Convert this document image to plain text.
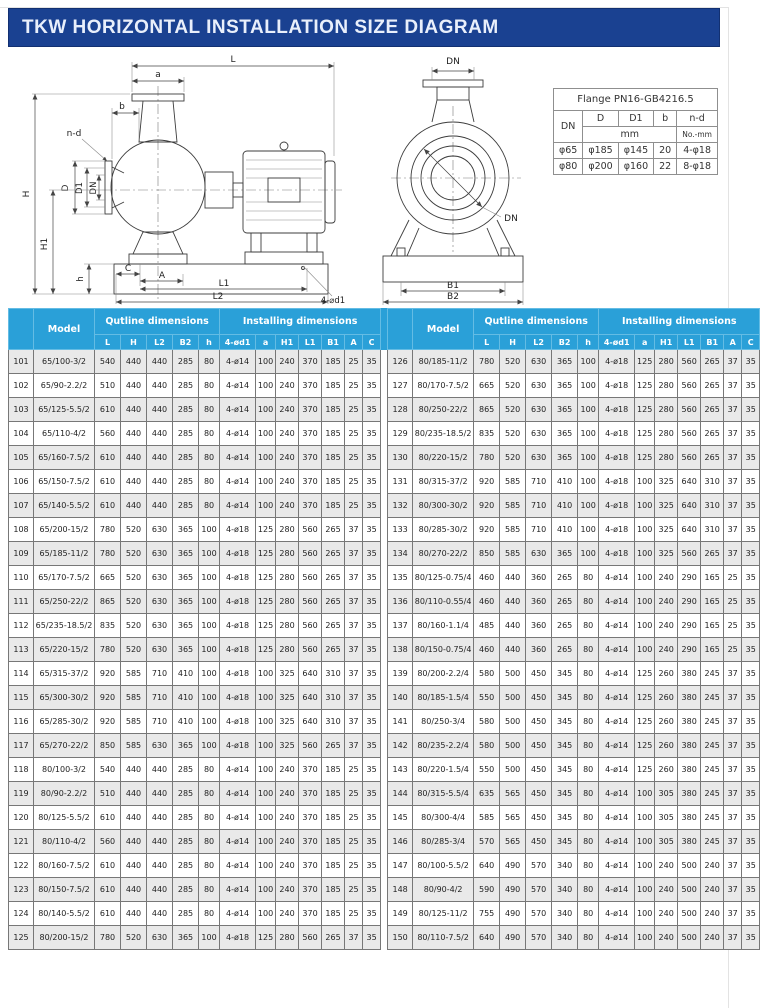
TKW HORIZONTAL INSTALLATION SIZE DIAGRAM
L
a
b
n-d
D D1 DN
H
H1
h
C
A
L1
L2	4-⌀d1
DN
DN
B1
B2
Flange PN16-GB4216.5				
DN	D	D1	b	n-d
	mm			No.-mm
φ65	φ185	φ145	20	4-φ18
φ80	φ200	φ160	22	8-φ18
	Model	Qutline dimensions					Installing dimensions						
		L	H	L2	B2	h	4-ød1	a	H1	L1	B1	A	C
101	65/100-3/2	540	440	440	285	80	4-ø14	100	240	370	185	25	35
102	65/90-2.2/2	510	440	440	285	80	4-ø14	100	240	370	185	25	35
103	65/125-5.5/2	610	440	440	285	80	4-ø14	100	240	370	185	25	35
104	65/110-4/2	560	440	440	285	80	4-ø14	100	240	370	185	25	35
105	65/160-7.5/2	610	440	440	285	80	4-ø14	100	240	370	185	25	35
106	65/150-7.5/2	610	440	440	285	80	4-ø14	100	240	370	185	25	35
107	65/140-5.5/2	610	440	440	285	80	4-ø14	100	240	370	185	25	35
108	65/200-15/2	780	520	630	365	100	4-ø18	125	280	560	265	37	35
109	65/185-11/2	780	520	630	365	100	4-ø18	125	280	560	265	37	35
110	65/170-7.5/2	665	520	630	365	100	4-ø18	125	280	560	265	37	35
111	65/250-22/2	865	520	630	365	100	4-ø18	125	280	560	265	37	35
112	65/235-18.5/2	835	520	630	365	100	4-ø18	125	280	560	265	37	35
113	65/220-15/2	780	520	630	365	100	4-ø18	125	280	560	265	37	35
114	65/315-37/2	920	585	710	410	100	4-ø18	100	325	640	310	37	35
115	65/300-30/2	920	585	710	410	100	4-ø18	100	325	640	310	37	35
116	65/285-30/2	920	585	710	410	100	4-ø18	100	325	640	310	37	35
117	65/270-22/2	850	585	630	365	100	4-ø18	100	325	560	265	37	35
118	80/100-3/2	540	440	440	285	80	4-ø14	100	240	370	185	25	35
119	80/90-2.2/2	510	440	440	285	80	4-ø14	100	240	370	185	25	35
120	80/125-5.5/2	610	440	440	285	80	4-ø14	100	240	370	185	25	35
121	80/110-4/2	560	440	440	285	80	4-ø14	100	240	370	185	25	35
122	80/160-7.5/2	610	440	440	285	80	4-ø14	100	240	370	185	25	35
123	80/150-7.5/2	610	440	440	285	80	4-ø14	100	240	370	185	25	35
124	80/140-5.5/2	610	440	440	285	80	4-ø14	100	240	370	185	25	35
125	80/200-15/2	780	520	630	365	100	4-ø18	125	280	560	265	37	35
	Model	Qutline dimensions					Installing dimensions						
		L	H	L2	B2	h	4-ød1	a	H1	L1	B1	A	C
126	80/185-11/2	780	520	630	365	100	4-ø18	125	280	560	265	37	35
127	80/170-7.5/2	665	520	630	365	100	4-ø18	125	280	560	265	37	35
128	80/250-22/2	865	520	630	365	100	4-ø18	125	280	560	265	37	35
129	80/235-18.5/2	835	520	630	365	100	4-ø18	125	280	560	265	37	35
130	80/220-15/2	780	520	630	365	100	4-ø18	125	280	560	265	37	35
131	80/315-37/2	920	585	710	410	100	4-ø18	100	325	640	310	37	35
132	80/300-30/2	920	585	710	410	100	4-ø18	100	325	640	310	37	35
133	80/285-30/2	920	585	710	410	100	4-ø18	100	325	640	310	37	35
134	80/270-22/2	850	585	630	365	100	4-ø18	100	325	560	265	37	35
135	80/125-0.75/4	460	440	360	265	80	4-ø14	100	240	290	165	25	35
136	80/110-0.55/4	460	440	360	265	80	4-ø14	100	240	290	165	25	35
137	80/160-1.1/4	485	440	360	265	80	4-ø14	100	240	290	165	25	35
138	80/150-0.75/4	460	440	360	265	80	4-ø14	100	240	290	165	25	35
139	80/200-2.2/4	580	500	450	345	80	4-ø14	125	260	380	245	37	35
140	80/185-1.5/4	550	500	450	345	80	4-ø14	125	260	380	245	37	35
141	80/250-3/4	580	500	450	345	80	4-ø14	125	260	380	245	37	35
142	80/235-2.2/4	580	500	450	345	80	4-ø14	125	260	380	245	37	35
143	80/220-1.5/4	550	500	450	345	80	4-ø14	125	260	380	245	37	35
144	80/315-5.5/4	635	565	450	345	80	4-ø14	100	305	380	245	37	35
145	80/300-4/4	585	565	450	345	80	4-ø14	100	305	380	245	37	35
146	80/285-3/4	570	565	450	345	80	4-ø14	100	305	380	245	37	35
147	80/100-5.5/2	640	490	570	340	80	4-ø14	100	240	500	240	37	35
148	80/90-4/2	590	490	570	340	80	4-ø14	100	240	500	240	37	35
149	80/125-11/2	755	490	570	340	80	4-ø14	100	240	500	240	37	35
150	80/110-7.5/2	640	490	570	340	80	4-ø14	100	240	500	240	37	35
